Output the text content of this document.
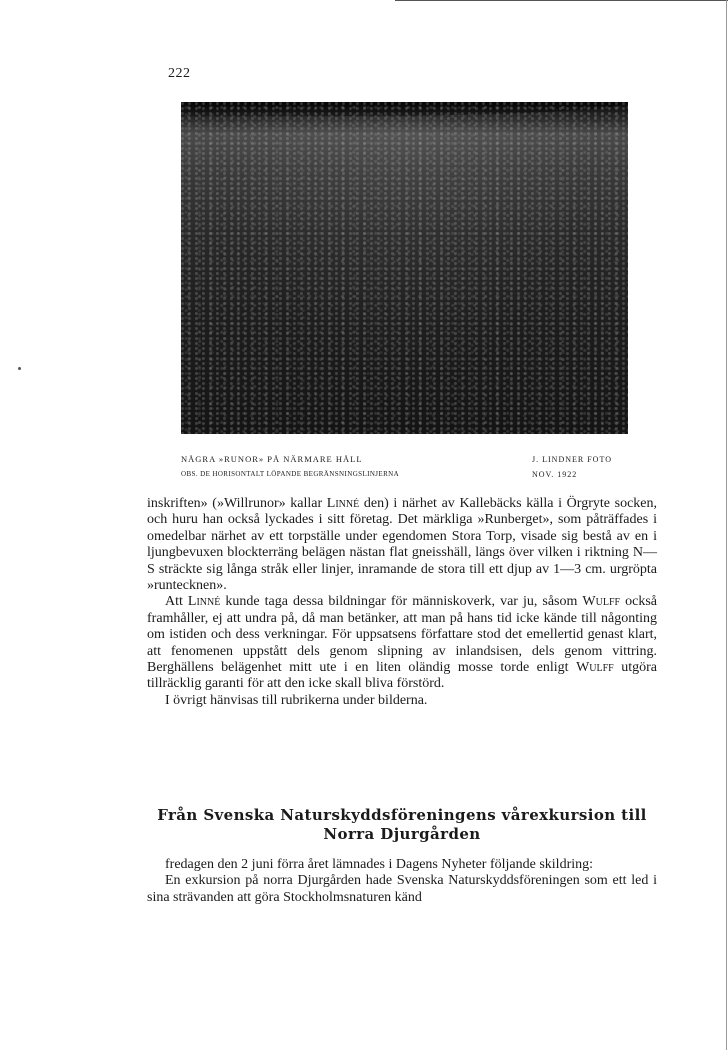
222
NÅGRA »RUNOR» PÅ NÄRMARE HÅLL
OBS. DE HORISONTALT LÖPANDE BEGRÄNSNINGSLINJERNA
J. LINDNER FOTO
NOV. 1922

inskriften» (»Willrunor» kallar Linné den) i närhet av Kallebäcks källa i Örgryte socken, och huru han också lyckades i sitt företag. Det märkliga »Runberget», som påträffades i omedelbar närhet av ett torpställe under egendomen Stora Torp, visade sig bestå av en i ljungbevuxen blockterräng belägen nästan flat gneisshäll, längs över vilken i riktning N—S sträckte sig långa stråk eller linjer, inramande de stora till ett djup av 1—3 cm. urgröpta »runtecknen».

Att Linné kunde taga dessa bildningar för människoverk, var ju, såsom Wulff också framhåller, ej att undra på, då man betänker, att man på hans tid icke kände till någonting om istiden och dess verkningar. För uppsatsens författare stod det emellertid genast klart, att fenomenen uppstått dels genom slipning av inlandsisen, dels genom vittring. Berghällens belägenhet mitt ute i en liten oländig mosse torde enligt Wulff utgöra tillräcklig garanti för att den icke skall bliva förstörd.

I övrigt hänvisas till rubrikerna under bilderna.

Från Svenska Naturskyddsföreningens vårexkursion till
Norra Djurgården

fredagen den 2 juni förra året lämnades i Dagens Nyheter följande skildring:

En exkursion på norra Djurgården hade Svenska Naturskyddsföreningen som ett led i sina strävanden att göra Stockholmsnaturen känd
